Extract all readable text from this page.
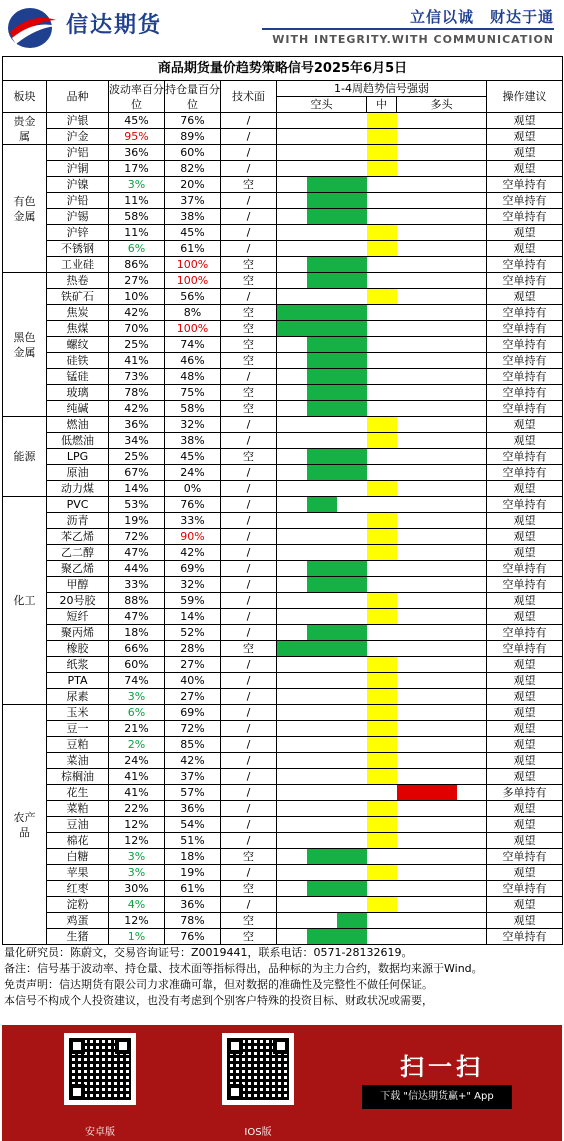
信达期货	立信以诚　财达于通
WITH INTEGRITY.WITH COMMUNICATION
商品期货量价趋势策略信号2025年6月5日												
板块	品种	波动率百分位	持仓量百分位	技术面	1-4周趋势信号强弱							操作建议
					空头			中	多头			
贵金属	沪银	45%	76%	/								观望
	沪金	95%	89%	/								观望
有色金属	沪铝	36%	60%	/								观望
	沪铜	17%	82%	/								观望
	沪镍	3%	20%	空								空单持有
	沪铅	11%	37%	/								空单持有
	沪锡	58%	38%	/								空单持有
	沪锌	11%	45%	/								观望
	不锈钢	6%	61%	/								观望
	工业硅	86%	100%	空								空单持有
黑色金属	热卷	27%	100%	空								空单持有
	铁矿石	10%	56%	/								观望
	焦炭	42%	8%	空								空单持有
	焦煤	70%	100%	空								空单持有
	螺纹	25%	74%	空								空单持有
	硅铁	41%	46%	空								空单持有
	锰硅	73%	48%	/								空单持有
	玻璃	78%	75%	空								空单持有
	纯碱	42%	58%	空								空单持有
能源	燃油	36%	32%	/								观望
	低燃油	34%	38%	/								观望
	LPG	25%	45%	空								空单持有
	原油	67%	24%	/								空单持有
	动力煤	14%	0%	/								观望
化工	PVC	53%	76%	/								空单持有
	沥青	19%	33%	/								观望
	苯乙烯	72%	90%	/								观望
	乙二醇	47%	42%	/								观望
	聚乙烯	44%	69%	/								空单持有
	甲醇	33%	32%	/								空单持有
	20号胶	88%	59%	/								观望
	短纤	47%	14%	/								观望
	聚丙烯	18%	52%	/								空单持有
	橡胶	66%	28%	空								空单持有
	纸浆	60%	27%	/								观望
	PTA	74%	40%	/								观望
	尿素	3%	27%	/								观望
农产品	玉米	6%	69%	/								观望
	豆一	21%	72%	/								观望
	豆粕	2%	85%	/								观望
	菜油	24%	42%	/								观望
	棕榈油	41%	37%	/								观望
	花生	41%	57%	/								多单持有
	菜粕	22%	36%	/								观望
	豆油	12%	54%	/								观望
	棉花	12%	51%	/								观望
	白糖	3%	18%	空								空单持有
	苹果	3%	19%	/								观望
	红枣	30%	61%	空								空单持有
	淀粉	4%	36%	/								观望
	鸡蛋	12%	78%	空								观望
	生猪	1%	76%	空								空单持有

量化研究员：陈蔚文，交易咨询证号：Z0019441，联系电话：0571-28132619。

备注：信号基于波动率、持仓量、技术面等指标得出，品种标的为主力合约，数据均来源于Wind。

免责声明：信达期货有限公司力求准确可靠，但对数据的准确性及完整性不做任何保证。

本信号不构成个人投资建议，也没有考虑到个别客户特殊的投资目标、财政状况或需要，

安卓版	IOS版
扫一扫
下载 "信达期货赢+" App
